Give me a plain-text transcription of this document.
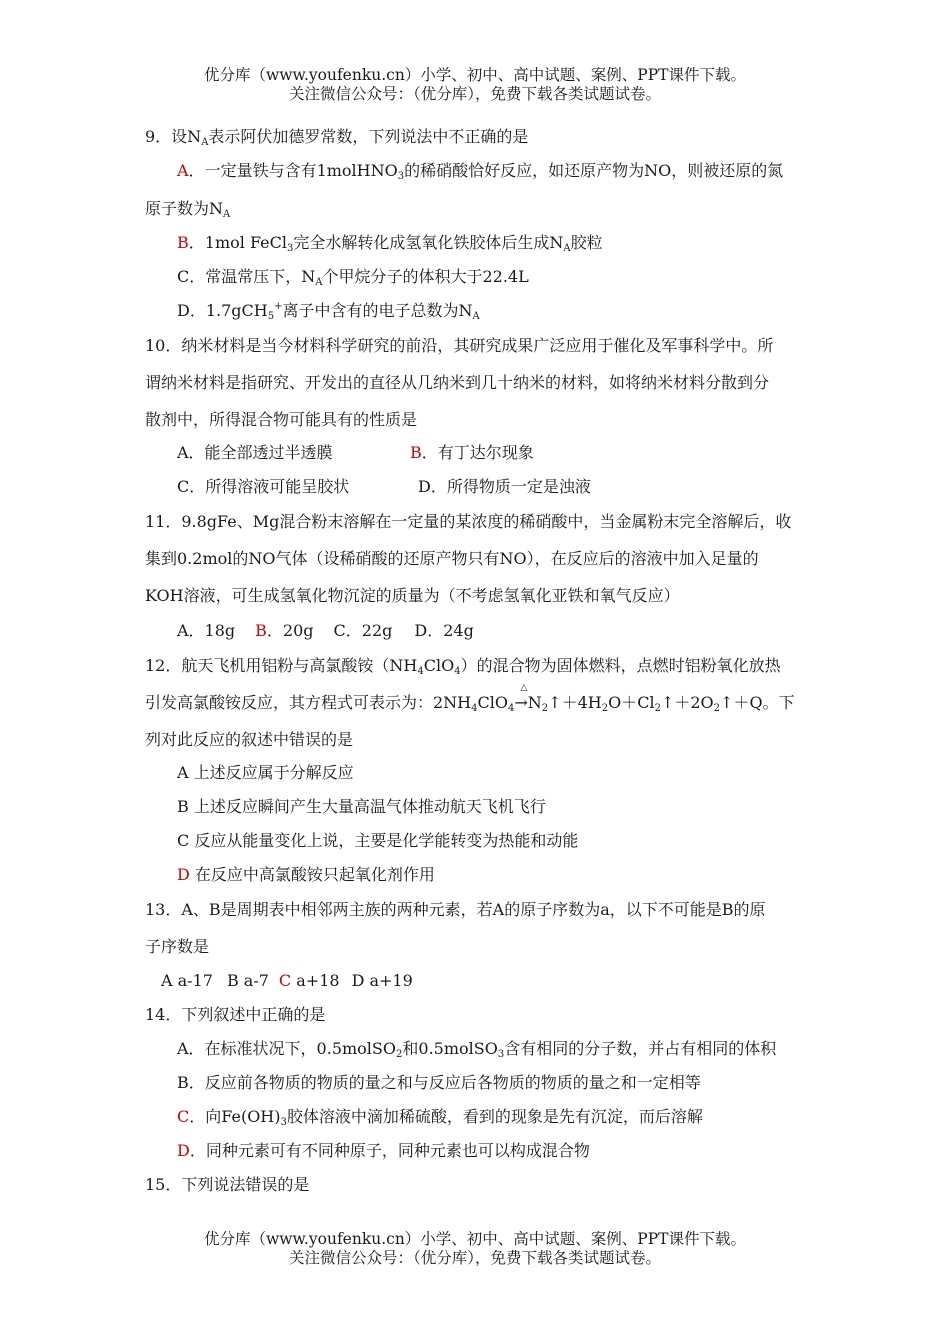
优分库（www.youfenku.cn）小学、初中、高中试题、案例、PPT课件下载。
关注微信公众号：（优分库），免费下载各类试题试卷。
9．设$N_A$表示阿伏加德罗常数，下列说法中不正确的是
A．一定量铁与含有1molHNO$_3$的稀硝酸恰好反应，如还原产物为NO，则被还原的氮
原子数为$N_A$
B．1mol FeCl$_3$完全水解转化成氢氧化铁胶体后生成$N_A$胶粒
C．常温常压下，$N_A$个甲烷分子的体积大于22.4L
D．1.7gCH$_5$+离子中含有的电子总数为$N_A$
10．纳米材料是当今材料科学研究的前沿，其研究成果广泛应用于催化及军事科学中。所
谓纳米材料是指研究、开发出的直径从几纳米到几十纳米的材料，如将纳米材料分散到分
散剂中，所得混合物可能具有的性质是
A．能全部透过半透膜	B．有丁达尔现象
C．所得溶液可能呈胶状	D．所得物质一定是浊液
11．9.8gFe、Mg混合粉末溶解在一定量的某浓度的稀硝酸中，当金属粉末完全溶解后，收
集到0.2mol的NO气体（设稀硝酸的还原产物只有NO），在反应后的溶液中加入足量的
KOH溶液，可生成氢氧化物沉淀的质量为（不考虑氢氧化亚铁和氧气反应）
A．18g B．20g C．22g D．24g
12．航天飞机用铝粉与高氯酸铵$(NH_4ClO_4)$的混合物为固体燃料，点燃时铝粉氧化放热
引发高氯酸铵反应，其方程式可表示为：$2NH_4ClO_4$
△
$\to N_2↑+4H_2O+Cl_2↑+2O_2↑+Q$。下
列对此反应的叙述中错误的是
A 上述反应属于分解反应
B 上述反应瞬间产生大量高温气体推动航天飞机飞行
C 反应从能量变化上说，主要是化学能转变为热能和动能
D 在反应中高氯酸铵只起氧化剂作用
13．A、B是周期表中相邻两主族的两种元素，若A的原子序数为a，以下不可能是B的原
子序数是
A a-17 B a-7 C a+18 D a+19
14．下列叙述中正确的是
A．在标准状况下，0.5molSO$_2$和0.5molSO$_3$含有相同的分子数，并占有相同的体积
B．反应前各物质的物质的量之和与反应后各物质的物质的量之和一定相等
C．向$Fe(OH)_3$胶体溶液中滴加稀硫酸，看到的现象是先有沉淀，而后溶解
D．同种元素可有不同种原子，同种元素也可以构成混合物
15．下列说法错误的是
优分库（www.youfenku.cn）小学、初中、高中试题、案例、PPT课件下载。
关注微信公众号：（优分库），免费下载各类试题试卷。
